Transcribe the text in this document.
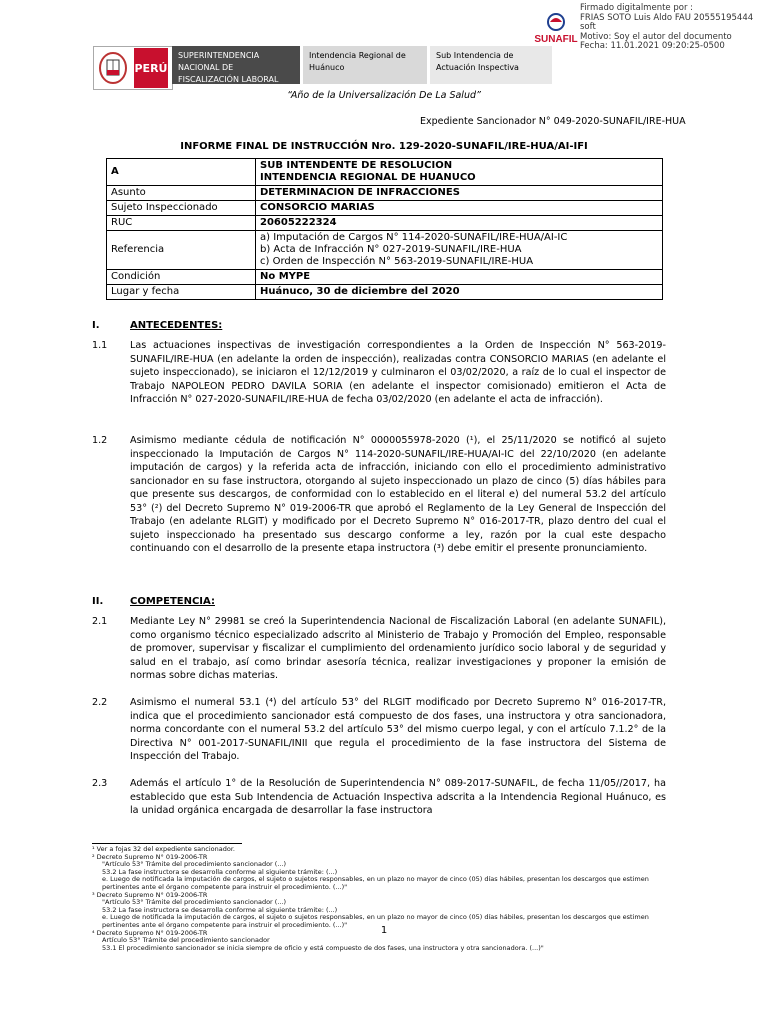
PERÚ
SUPERINTENDENCIA NACIONAL DE FISCALIZACIÓN LABORAL
Intendencia Regional de Huánuco
Sub Intendencia de Actuación Inspectiva
SUNAFIL
Firmado digitalmente por :
FRIAS SOTO Luis Aldo FAU 20555195444
soft
Motivo: Soy el autor del documento
Fecha: 11.01.2021 09:20:25-0500
“Año de la Universalización De La Salud”
Expediente Sancionador N° 049-2020-SUNAFIL/IRE-HUA
INFORME FINAL DE INSTRUCCIÓN Nro. 129-2020-SUNAFIL/IRE-HUA/AI-IFI
A	SUB INTENDENTE DE RESOLUCION
INTENDENCIA REGIONAL DE HUANUCO
Asunto	DETERMINACION DE INFRACCIONES
Sujeto Inspeccionado	CONSORCIO MARIAS
RUC	20605222324
Referencia	a) Imputación de Cargos N° 114-2020-SUNAFIL/IRE-HUA/AI-IC
b) Acta de Infracción N° 027-2019-SUNAFIL/IRE-HUA
c) Orden de Inspección N° 563-2019-SUNAFIL/IRE-HUA
Condición	No MYPE
Lugar y fecha	Huánuco, 30 de diciembre del 2020
I.	ANTECEDENTES:
1.1 Las actuaciones inspectivas de investigación correspondientes a la Orden de Inspección N° 563-2019-SUNAFIL/IRE-HUA (en adelante la orden de inspección), realizadas contra CONSORCIO MARIAS (en adelante el sujeto inspeccionado), se iniciaron el 12/12/2019 y culminaron el 03/02/2020, a raíz de lo cual el inspector de Trabajo NAPOLEON PEDRO DAVILA SORIA (en adelante el inspector comisionado) emitieron el Acta de Infracción N° 027-2020-SUNAFIL/IRE-HUA de fecha 03/02/2020 (en adelante el acta de infracción).
1.2 Asimismo mediante cédula de notificación N° 0000055978-2020 (¹), el 25/11/2020 se notificó al sujeto inspeccionado la Imputación de Cargos N° 114-2020-SUNAFIL/IRE-HUA/AI-IC del 22/10/2020 (en adelante imputación de cargos) y la referida acta de infracción, iniciando con ello el procedimiento administrativo sancionador en su fase instructora, otorgando al sujeto inspeccionado un plazo de cinco (5) días hábiles para que presente sus descargos, de conformidad con lo establecido en el literal e) del numeral 53.2 del artículo 53° (²) del Decreto Supremo N° 019-2006-TR que aprobó el Reglamento de la Ley General de Inspección del Trabajo (en adelante RLGIT) y modificado por el Decreto Supremo N° 016-2017-TR, plazo dentro del cual el sujeto inspeccionado ha presentado sus descargo conforme a ley, razón por la cual este despacho continuando con el desarrollo de la presente etapa instructora (³) debe emitir el presente pronunciamiento.
II.	COMPETENCIA:
2.1 Mediante Ley N° 29981 se creó la Superintendencia Nacional de Fiscalización Laboral (en adelante SUNAFIL), como organismo técnico especializado adscrito al Ministerio de Trabajo y Promoción del Empleo, responsable de promover, supervisar y fiscalizar el cumplimiento del ordenamiento jurídico socio laboral y de seguridad y salud en el trabajo, así como brindar asesoría técnica, realizar investigaciones y proponer la emisión de normas sobre dichas materias.
2.2 Asimismo el numeral 53.1 (⁴) del artículo 53° del RLGIT modificado por Decreto Supremo N° 016-2017-TR, indica que el procedimiento sancionador está compuesto de dos fases, una instructora y otra sancionadora, norma concordante con el numeral 53.2 del artículo 53° del mismo cuerpo legal, y con el artículo 7.1.2° de la Directiva N° 001-2017-SUNAFIL/INII que regula el procedimiento de la fase instructora del Sistema de Inspección del Trabajo.
2.3 Además el artículo 1° de la Resolución de Superintendencia N° 089-2017-SUNAFIL, de fecha 11/05//2017, ha establecido que esta Sub Intendencia de Actuación Inspectiva adscrita a la Intendencia Regional Huánuco, es la unidad orgánica encargada de desarrollar la fase instructora
¹ Ver a fojas 32 del expediente sancionador.
² Decreto Supremo N° 019-2006-TR
"Artículo 53° Trámite del procedimiento sancionador (...)
53.2 La fase instructora se desarrolla conforme al siguiente trámite: (...)
e. Luego de notificada la imputación de cargos, el sujeto o sujetos responsables, en un plazo no mayor de cinco (05) días hábiles, presentan los descargos que estimen pertinentes ante el órgano competente para instruir el procedimiento. (...)"
³ Decreto Supremo N° 019-2006-TR
"Artículo 53° Trámite del procedimiento sancionador (...)
53.2 La fase instructora se desarrolla conforme al siguiente trámite: (...)
e. Luego de notificada la imputación de cargos, el sujeto o sujetos responsables, en un plazo no mayor de cinco (05) días hábiles, presentan los descargos que estimen pertinentes ante el órgano competente para instruir el procedimiento. (...)"
⁴ Decreto Supremo N° 019-2006-TR
Artículo 53° Trámite del procedimiento sancionador
53.1 El procedimiento sancionador se inicia siempre de oficio y está compuesto de dos fases, una instructora y otra sancionadora. (...)"
1
